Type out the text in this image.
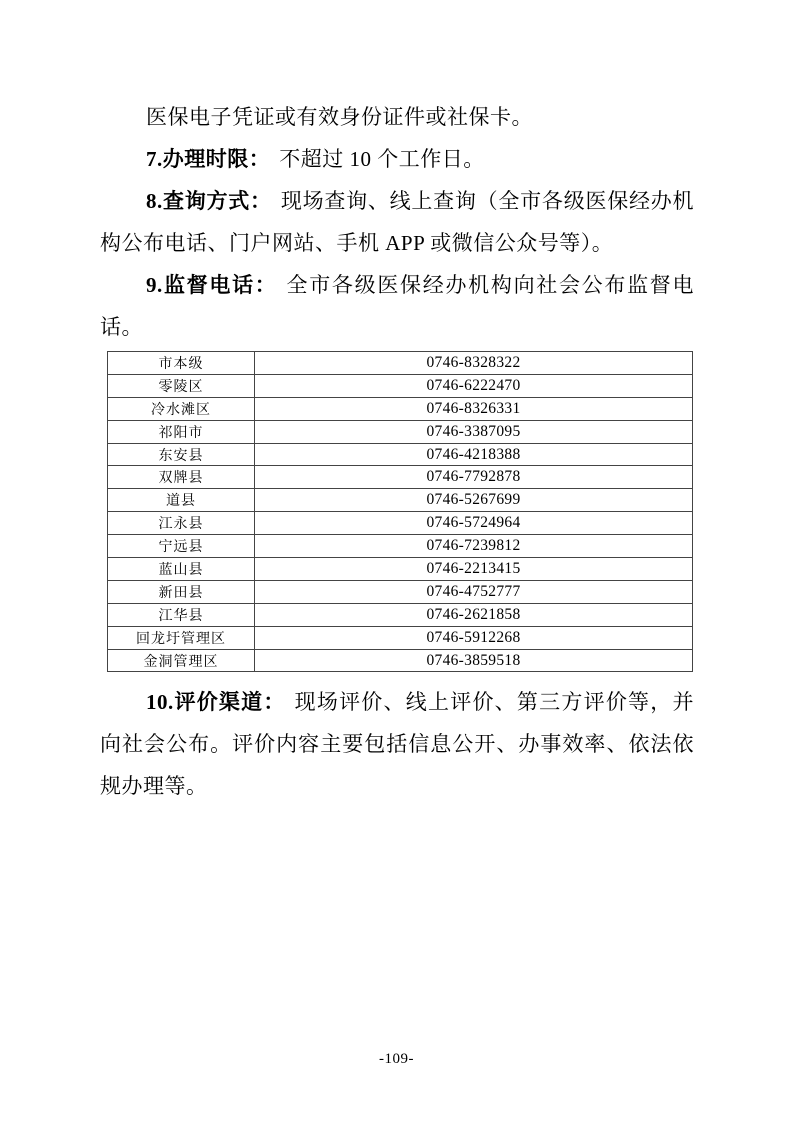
医保电子凭证或有效身份证件或社保卡。

7.办理时限： 不超过 10 个工作日。

8.查询方式： 现场查询、线上查询（全市各级医保经办机构公布电话、门户网站、手机 APP 或微信公众号等）。

9.监督电话： 全市各级医保经办机构向社会公布监督电话。

市本级	0746-8328322
零陵区	0746-6222470
冷水滩区	0746-8326331
祁阳市	0746-3387095
东安县	0746-4218388
双牌县	0746-7792878
道县	0746-5267699
江永县	0746-5724964
宁远县	0746-7239812
蓝山县	0746-2213415
新田县	0746-4752777
江华县	0746-2621858
回龙圩管理区	0746-5912268
金洞管理区	0746-3859518

10.评价渠道： 现场评价、线上评价、第三方评价等，并向社会公布。评价内容主要包括信息公开、办事效率、依法依规办理等。

-109-
